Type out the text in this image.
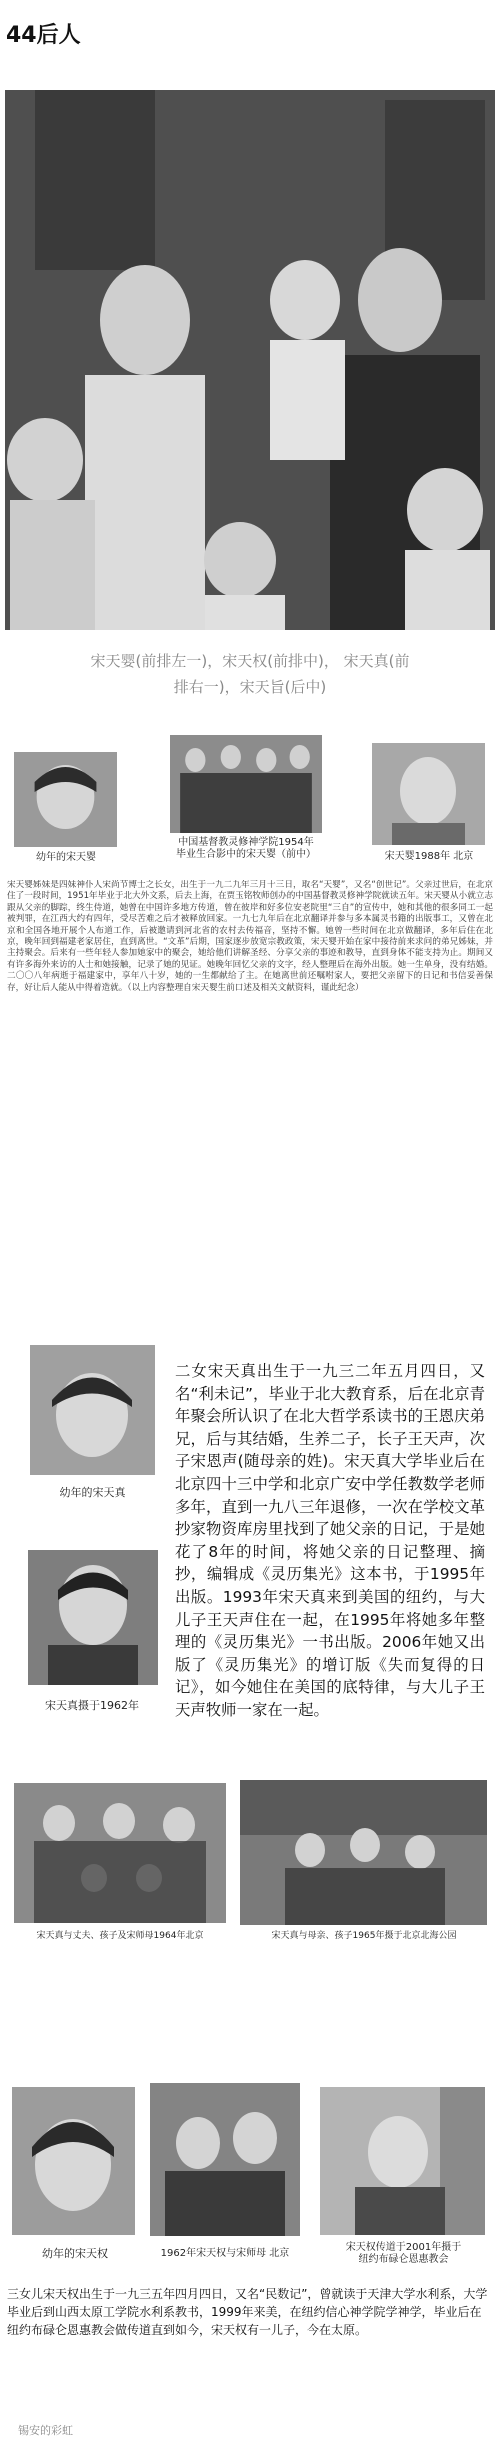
44后人
宋天婴(前排左一)，宋天权(前排中)， 宋天真(前
排右一)，宋天旨(后中)
幼年的宋天婴
中国基督教灵修神学院1954年
毕业生合影中的宋天婴（前中）	宋天婴1988年 北京
宋天婴姊妹是四妹神仆人宋尚节博士之长女，出生于一九二九年三月十三日，取名“天婴”，又名“创世记”。父亲过世后，在北京住了一段时间，1951年毕业于北大外文系，后去上海，在贾玉铭牧师创办的中国基督教灵修神学院就读五年。宋天婴从小就立志跟从父亲的脚踪，终生侍道，她曾在中国许多地方传道，曾在彼岸和好多位安老院里“三自”的宣传中，她和其他的很多同工一起被判罪，在江西大约有四年，受尽苦难之后才被释放回家。一九七九年后在北京翻译并参与多本属灵书籍的出版事工，又曾在北京和全国各地开展个人布道工作，后被邀请到河北省的农村去传福音，坚持不懈。她曾一些时间在北京做翻译，多年后住在北京，晚年回到福建老家居住，直到离世。“文革”后期，国家逐步放宽宗教政策，宋天婴开始在家中接待前来求问的弟兄姊妹，并主持聚会。后来有一些年轻人参加她家中的聚会，她给他们讲解圣经、分享父亲的事迹和教导，直到身体不能支持为止。期间又有许多海外来访的人士和她接触，记录了她的见证。她晚年回忆父亲的文字，经人整理后在海外出版。她一生单身，没有结婚。二〇〇八年病逝于福建家中，享年八十岁，她的一生都献给了主。在她离世前还嘱咐家人，要把父亲留下的日记和书信妥善保存，好让后人能从中得着造就。（以上内容整理自宋天婴生前口述及相关文献资料，谨此纪念）
幼年的宋天真
宋天真摄于1962年
二女宋天真出生于一九三二年五月四日，又名“利未记”，毕业于北大教育系，后在北京青年聚会所认识了在北大哲学系读书的王恩庆弟兄，后与其结婚，生养二子，长子王天声，次子宋恩声(随母亲的姓)。宋天真大学毕业后在北京四十三中学和北京广安中学任教数学老师多年，直到一九八三年退修，一次在学校文革抄家物资库房里找到了她父亲的日记，于是她花了8年的时间，将她父亲的日记整理、摘抄，编辑成《灵历集光》这本书，于1995年出版。1993年宋天真来到美国的纽约，与大儿子王天声住在一起，在1995年将她多年整理的《灵历集光》一书出版。2006年她又出版了《灵历集光》的增订版《失而复得的日记》，如今她住在美国的底特律，与大儿子王天声牧师一家在一起。
宋天真与丈夫、孩子及宋师母1964年北京	宋天真与母亲、孩子1965年摄于北京北海公园
幼年的宋天权	1962年宋天权与宋师母 北京
宋天权传道于2001年摄于
纽约布碌仑恩惠教会
三女儿宋天权出生于一九三五年四月四日，又名“民数记”，曾就读于天津大学水利系，大学毕业后到山西太原工学院水利系教书，1999年来美，在纽约信心神学院学神学，毕业后在纽约布碌仑恩惠教会做传道直到如今，宋天权有一儿子，今在太原。
锡安的彩虹
